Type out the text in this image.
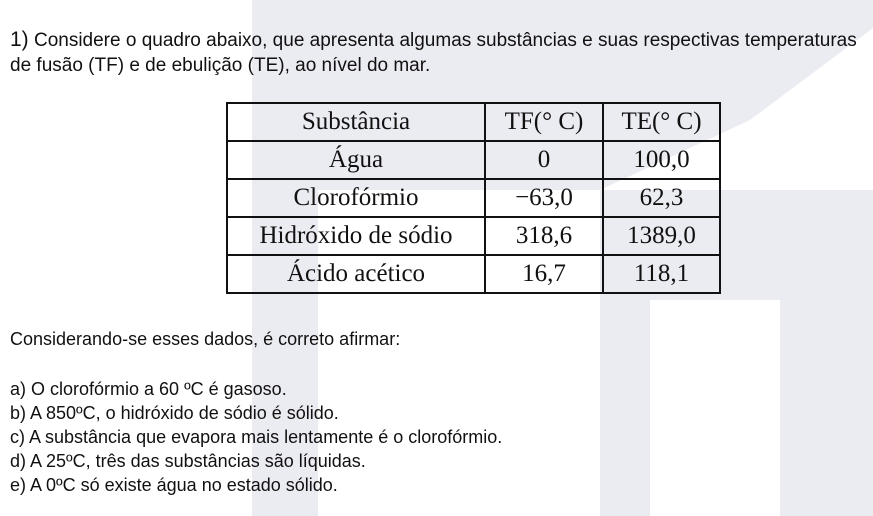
1) Considere o quadro abaixo, que apresenta algumas substâncias e suas respectivas temperaturas de fusão (TF) e de ebulição (TE), ao nível do mar.

Substância	TF(° C)	TE(° C)
Água	0	100,0
Clorofórmio	−63,0	62,3
Hidróxido de sódio	318,6	1389,0
Ácido acético	16,7	118,1

Considerando-se esses dados, é correto afirmar:

a) O clorofórmio a 60 ºC é gasoso.
b) A 850ºC, o hidróxido de sódio é sólido.
c) A substância que evapora mais lentamente é o clorofórmio.
d) A 25ºC, três das substâncias são líquidas.
e) A 0ºC só existe água no estado sólido.
